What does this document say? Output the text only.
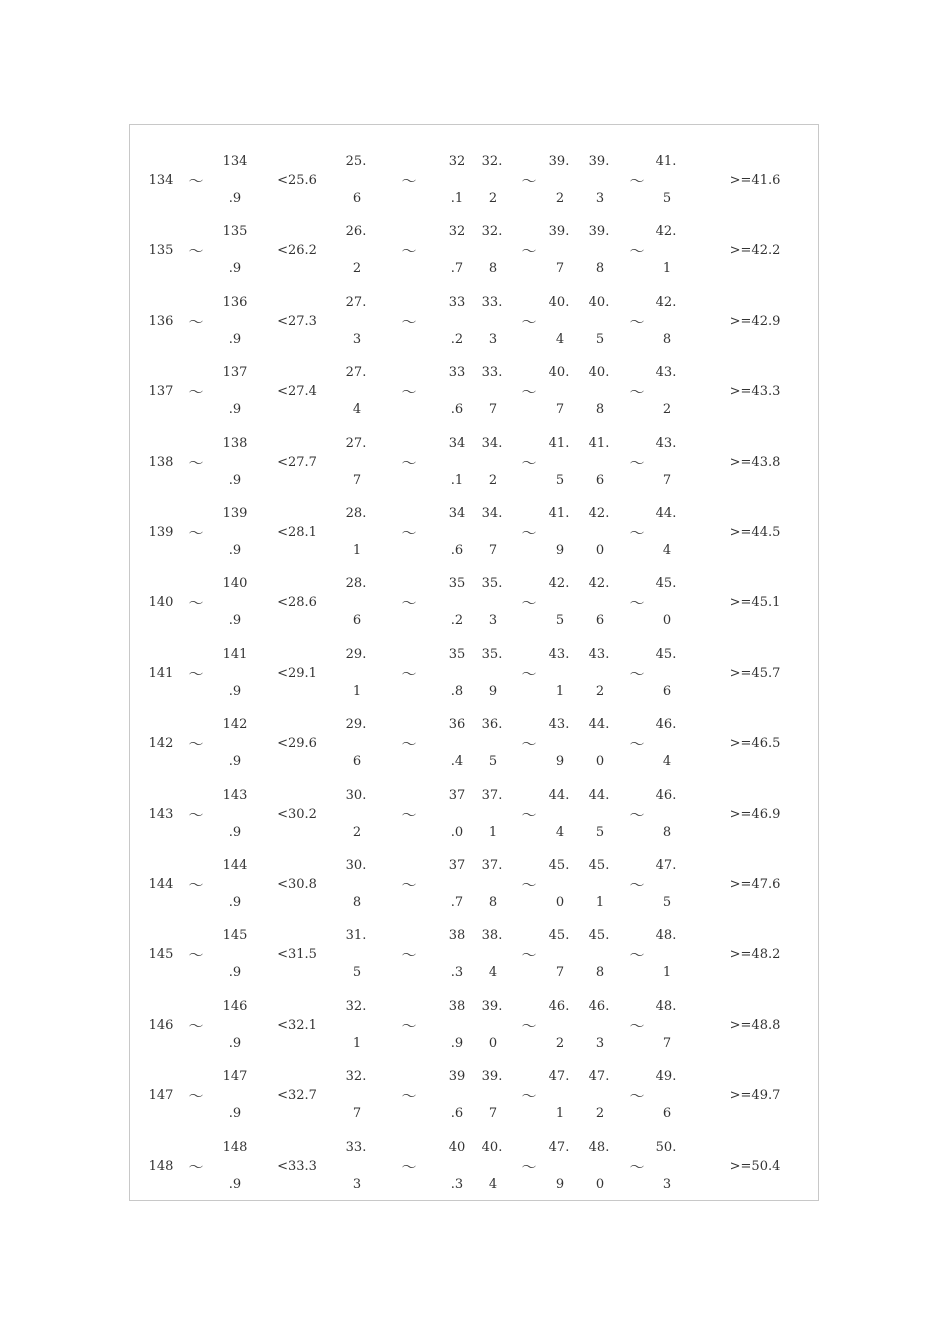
134 ～
134
.9
<25.6
25.
6
～
32
.1
32.
2
～
39.
2
39.
3
～
41.
5
>=41.6
135 ～
135
.9
<26.2
26.
2
～
32
.7
32.
8
～
39.
7
39.
8
～
42.
1
>=42.2
136 ～
136
.9
<27.3
27.
3
～
33
.2
33.
3
～
40.
4
40.
5
～
42.
8
>=42.9
137 ～
137
.9
<27.4
27.
4
～
33
.6
33.
7
～
40.
7
40.
8
～
43.
2
>=43.3
138 ～
138
.9
<27.7
27.
7
～
34
.1
34.
2
～
41.
5
41.
6
～
43.
7
>=43.8
139 ～
139
.9
<28.1
28.
1
～
34
.6
34.
7
～
41.
9
42.
0
～
44.
4
>=44.5
140 ～
140
.9
<28.6
28.
6
～
35
.2
35.
3
～
42.
5
42.
6
～
45.
0
>=45.1
141 ～
141
.9
<29.1
29.
1
～
35
.8
35.
9
～
43.
1
43.
2
～
45.
6
>=45.7
142 ～
142
.9
<29.6
29.
6
～
36
.4
36.
5
～
43.
9
44.
0
～
46.
4
>=46.5
143 ～
143
.9
<30.2
30.
2
～
37
.0
37.
1
～
44.
4
44.
5
～
46.
8
>=46.9
144 ～
144
.9
<30.8
30.
8
～
37
.7
37.
8
～
45.
0
45.
1
～
47.
5
>=47.6
145 ～
145
.9
<31.5
31.
5
～
38
.3
38.
4
～
45.
7
45.
8
～
48.
1
>=48.2
146 ～
146
.9
<32.1
32.
1
～
38
.9
39.
0
～
46.
2
46.
3
～
48.
7
>=48.8
147 ～
147
.9
<32.7
32.
7
～
39
.6
39.
7
～
47.
1
47.
2
～
49.
6
>=49.7
148 ～
148
.9
<33.3
33.
3
～
40
.3
40.
4
～
47.
9
48.
0
～
50.
3
>=50.4
